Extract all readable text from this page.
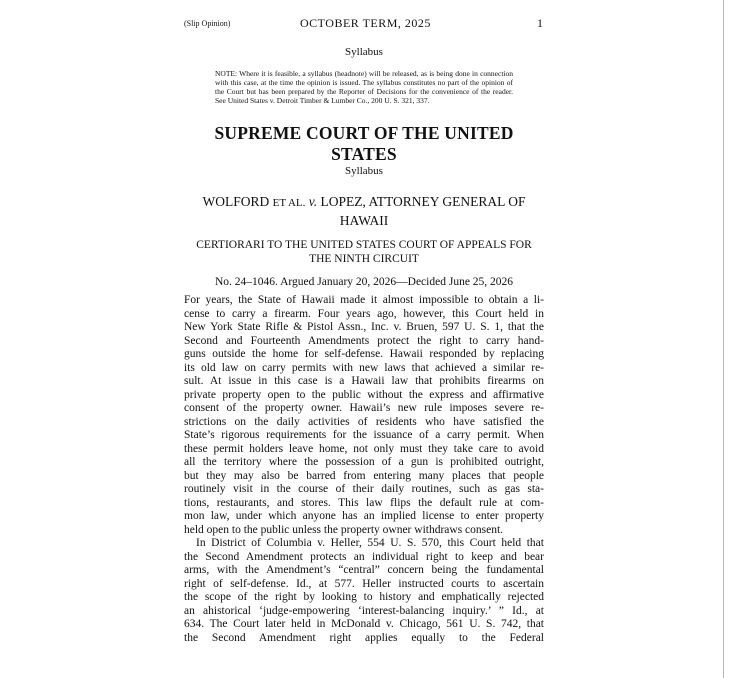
(Slip Opinion)	OCTOBER TERM, 2025	1
Syllabus
NOTE: Where it is feasible, a syllabus (headnote) will be released, as is being done in connection with this case, at the time the opinion is issued. The syllabus constitutes no part of the opinion of the Court but has been prepared by the Reporter of Decisions for the convenience of the reader. See United States v. Detroit Timber & Lumber Co., 200 U. S. 321, 337.
SUPREME COURT OF THE UNITED STATES
Syllabus
WOLFORD ET AL. v. LOPEZ, ATTORNEY GENERAL OF HAWAII
CERTIORARI TO THE UNITED STATES COURT OF APPEALS FOR THE NINTH CIRCUIT
No. 24–1046. Argued January 20, 2026—Decided June 25, 2026

For years, the State of Hawaii made it almost impossible to obtain a li-

cense to carry a firearm. Four years ago, however, this Court held in

New York State Rifle & Pistol Assn., Inc. v. Bruen, 597 U. S. 1, that the

Second and Fourteenth Amendments protect the right to carry hand-

guns outside the home for self-defense. Hawaii responded by replacing

its old law on carry permits with new laws that achieved a similar re-

sult. At issue in this case is a Hawaii law that prohibits firearms on

private property open to the public without the express and affirmative

consent of the property owner. Hawaii’s new rule imposes severe re-

strictions on the daily activities of residents who have satisfied the

State’s rigorous requirements for the issuance of a carry permit. When

these permit holders leave home, not only must they take care to avoid

all the territory where the possession of a gun is prohibited outright,

but they may also be barred from entering many places that people

routinely visit in the course of their daily routines, such as gas sta-

tions, restaurants, and stores. This law flips the default rule at com-

mon law, under which anyone has an implied license to enter property

held open to the public unless the property owner withdraws consent.

In District of Columbia v. Heller, 554 U. S. 570, this Court held that

the Second Amendment protects an individual right to keep and bear

arms, with the Amendment’s “central” concern being the fundamental

right of self-defense. Id., at 577. Heller instructed courts to ascertain

the scope of the right by looking to history and emphatically rejected

an ahistorical ‘judge-empowering ‘interest-balancing inquiry.’ ” Id., at

634. The Court later held in McDonald v. Chicago, 561 U. S. 742, that

the Second Amendment right applies equally to the Federal
